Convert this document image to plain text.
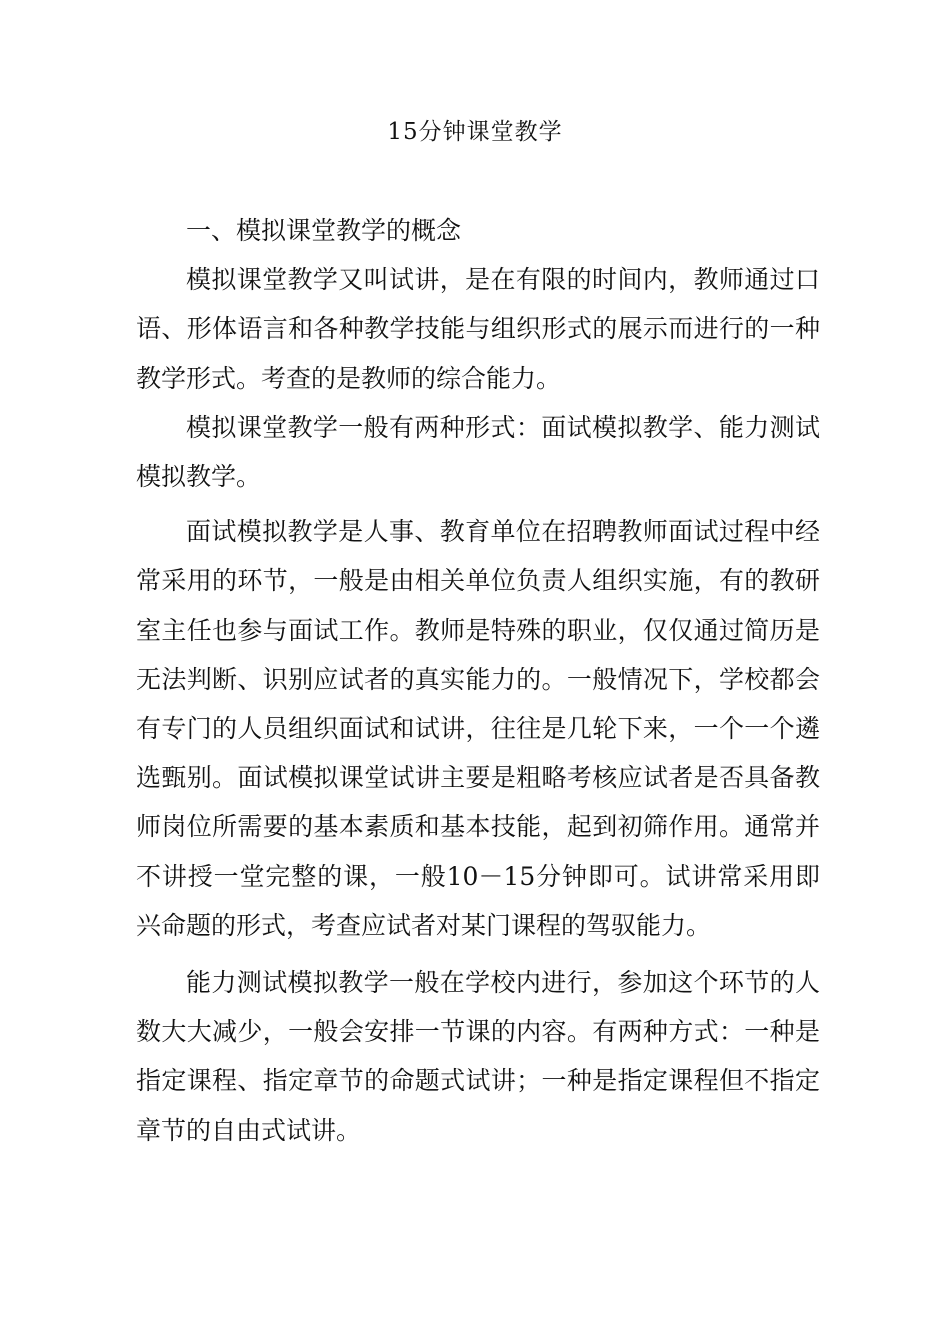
15分钟课堂教学

一、模拟课堂教学的概念

模拟课堂教学又叫试讲，是在有限的时间内，教师通过口语、形体语言和各种教学技能与组织形式的展示而进行的一种教学形式。考查的是教师的综合能力。

模拟课堂教学一般有两种形式：面试模拟教学、能力测试模拟教学。

面试模拟教学是人事、教育单位在招聘教师面试过程中经常采用的环节，一般是由相关单位负责人组织实施，有的教研室主任也参与面试工作。教师是特殊的职业，仅仅通过简历是无法判断、识别应试者的真实能力的。一般情况下，学校都会有专门的人员组织面试和试讲，往往是几轮下来，一个一个遴选甄别。面试模拟课堂试讲主要是粗略考核应试者是否具备教师岗位所需要的基本素质和基本技能，起到初筛作用。通常并不讲授一堂完整的课，一般10－15分钟即可。试讲常采用即兴命题的形式，考查应试者对某门课程的驾驭能力。

能力测试模拟教学一般在学校内进行，参加这个环节的人数大大减少，一般会安排一节课的内容。有两种方式：一种是指定课程、指定章节的命题式试讲；一种是指定课程但不指定章节的自由式试讲。
